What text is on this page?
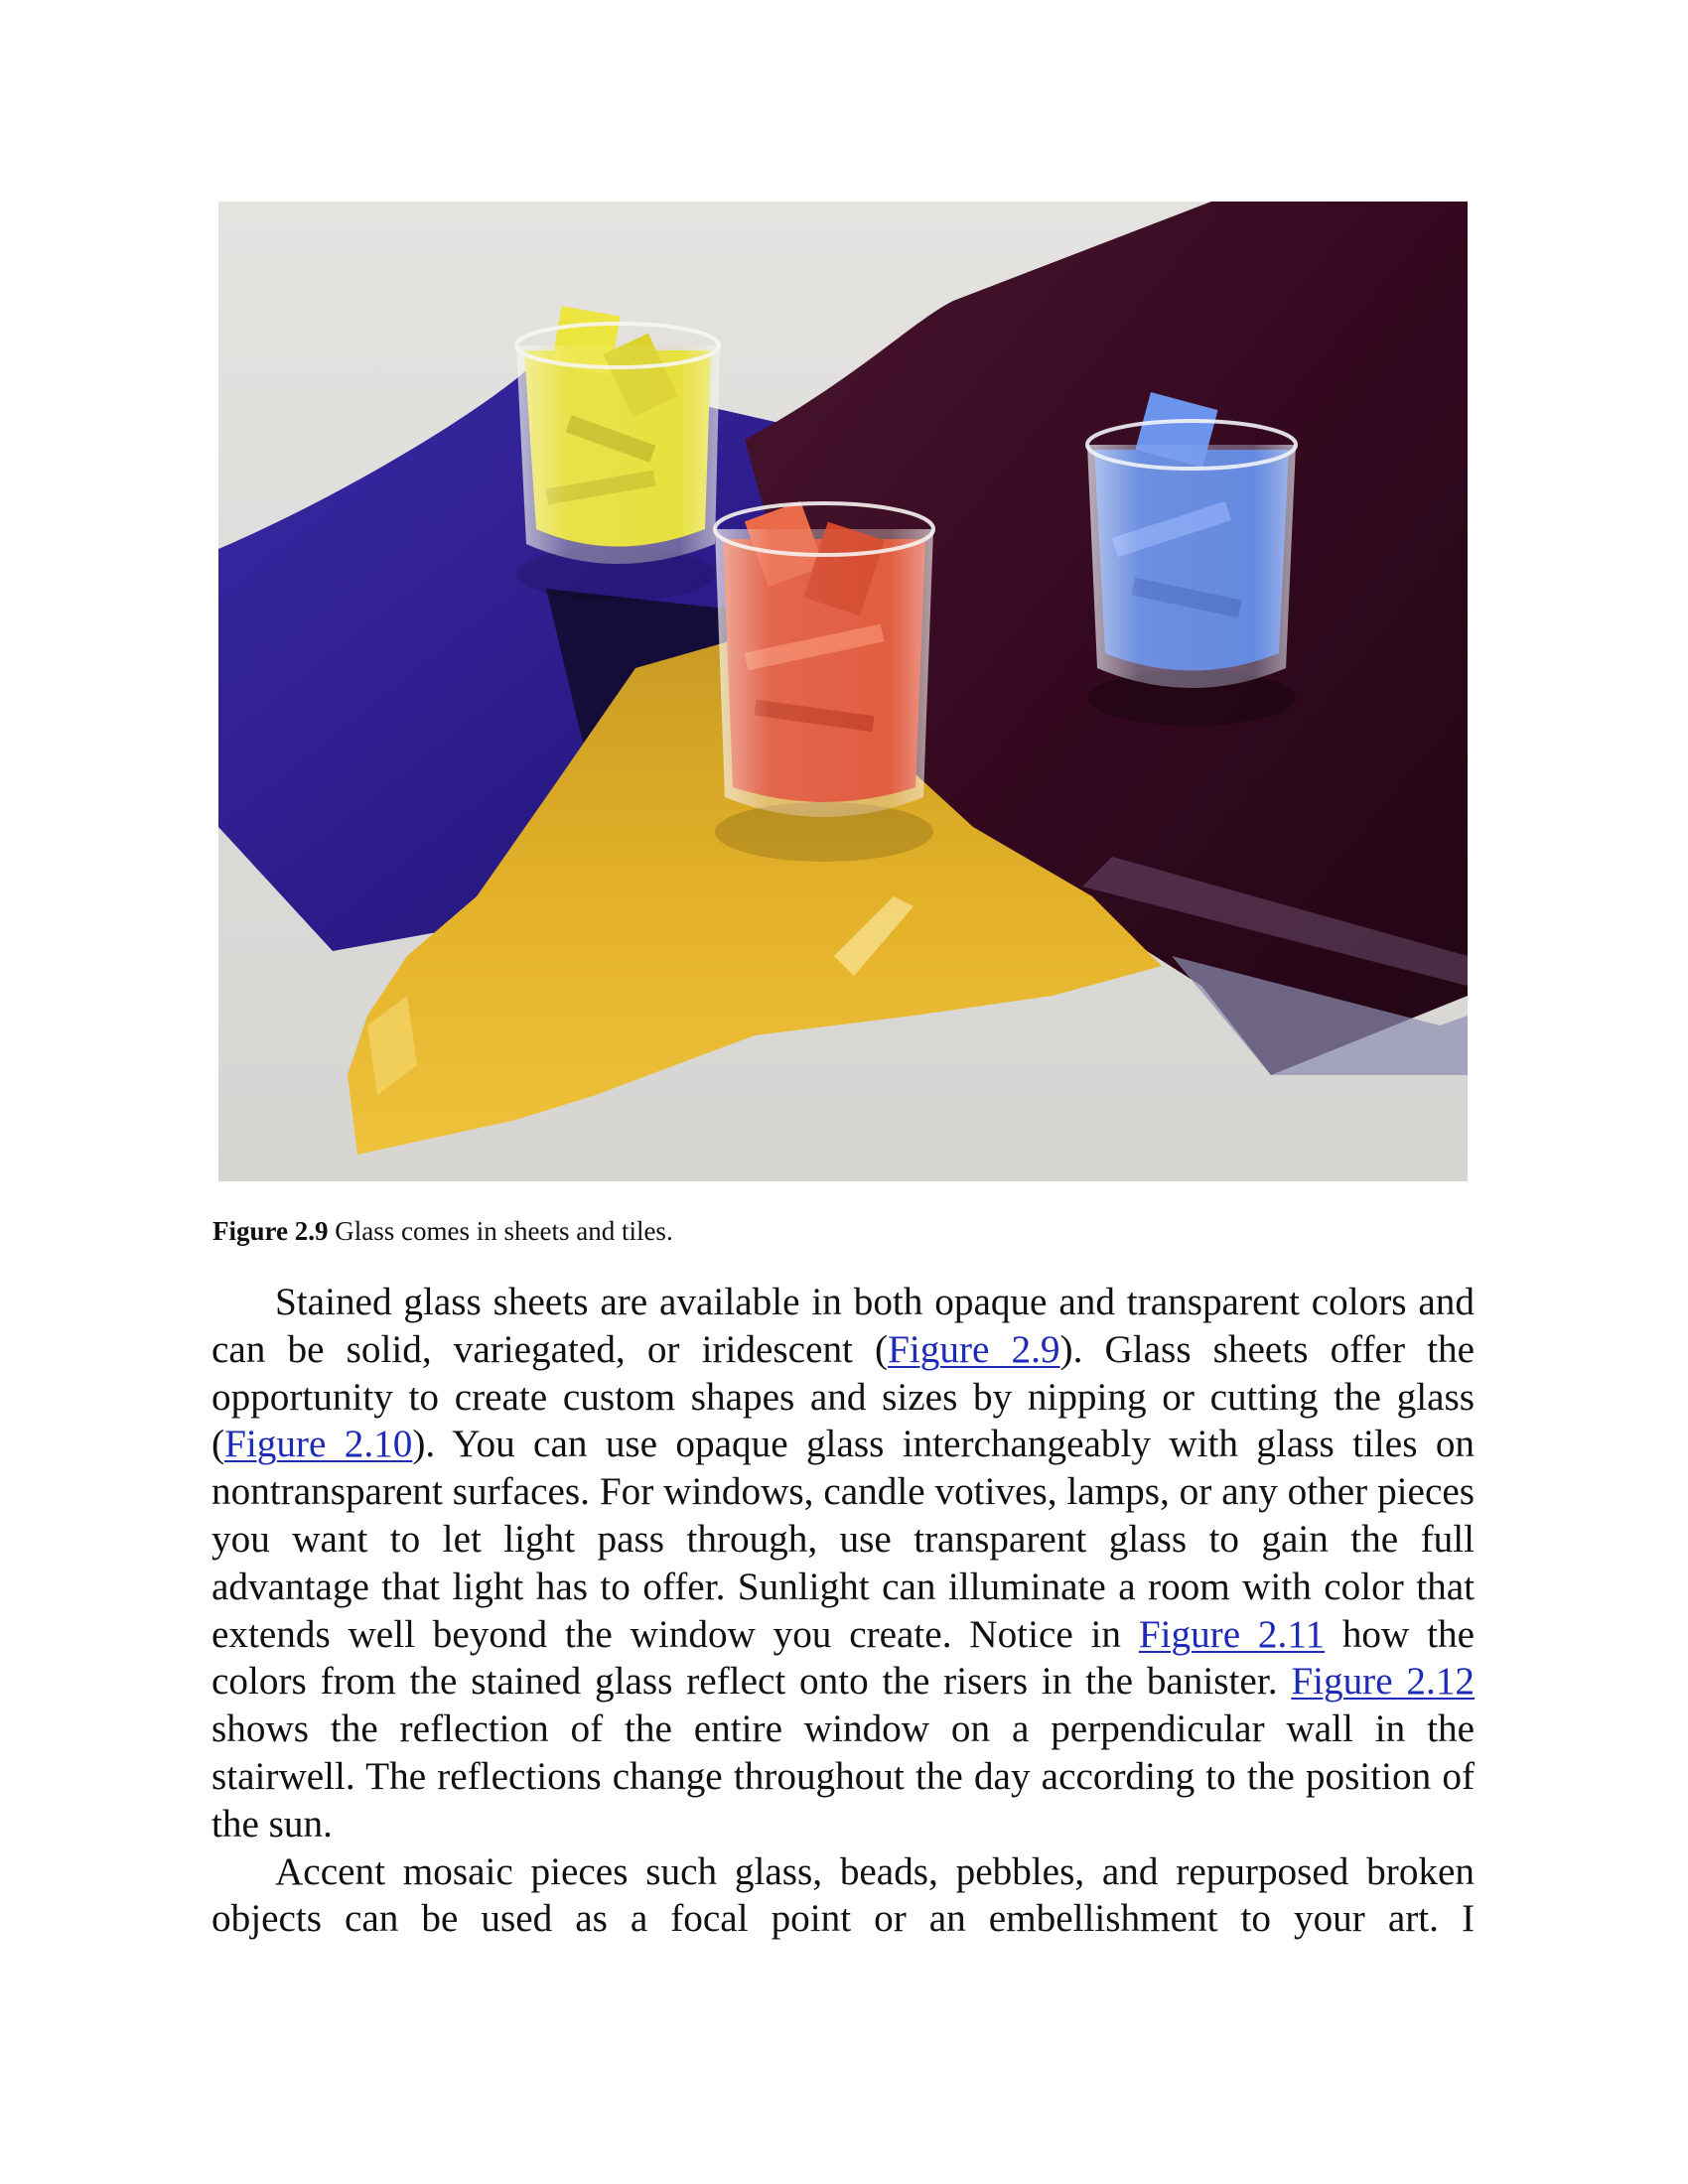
Figure 2.9 Glass comes in sheets and tiles.

Stained glass sheets are available in both opaque and transparent colors and can be solid, variegated, or iridescent (Figure 2.9). Glass sheets offer the opportunity to create custom shapes and sizes by nipping or cutting the glass (Figure 2.10). You can use opaque glass interchangeably with glass tiles on nontransparent surfaces. For windows, candle votives, lamps, or any other pieces you want to let light pass through, use transparent glass to gain the full advantage that light has to offer. Sunlight can illuminate a room with color that extends well beyond the window you create. Notice in Figure 2.11 how the colors from the stained glass reflect onto the risers in the banister. Figure 2.12 shows the reflection of the entire window on a perpendicular wall in the stairwell. The reflections change throughout the day according to the position of the sun.

Accent mosaic pieces such glass, beads, pebbles, and repurposed broken objects can be used as a focal point or an embellishment to your art. I
